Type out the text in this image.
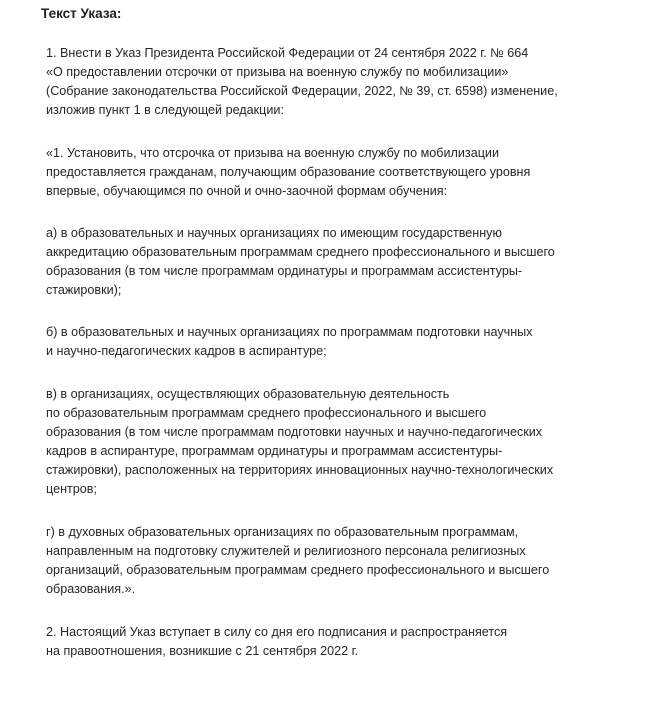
Текст Указа:

1. Внести в Указ Президента Российской Федерации от 24 сентября 2022 г. № 664
«О предоставлении отсрочки от призыва на военную службу по мобилизации»
(Собрание законодательства Российской Федерации, 2022, № 39, ст. 6598) изменение,
изложив пункт 1 в следующей редакции:

«1. Установить, что отсрочка от призыва на военную службу по мобилизации
предоставляется гражданам, получающим образование соответствующего уровня
впервые, обучающимся по очной и очно-заочной формам обучения:

а) в образовательных и научных организациях по имеющим государственную
аккредитацию образовательным программам среднего профессионального и высшего
образования (в том числе программам ординатуры и программам ассистентуры-
стажировки);

б) в образовательных и научных организациях по программам подготовки научных
и научно-педагогических кадров в аспирантуре;

в) в организациях, осуществляющих образовательную деятельность
по образовательным программам среднего профессионального и высшего
образования (в том числе программам подготовки научных и научно-педагогических
кадров в аспирантуре, программам ординатуры и программам ассистентуры-
стажировки), расположенных на территориях инновационных научно-технологических
центров;

г) в духовных образовательных организациях по образовательным программам,
направленным на подготовку служителей и религиозного персонала религиозных
организаций, образовательным программам среднего профессионального и высшего
образования.».

2. Настоящий Указ вступает в силу со дня его подписания и распространяется
на правоотношения, возникшие с 21 сентября 2022 г.
